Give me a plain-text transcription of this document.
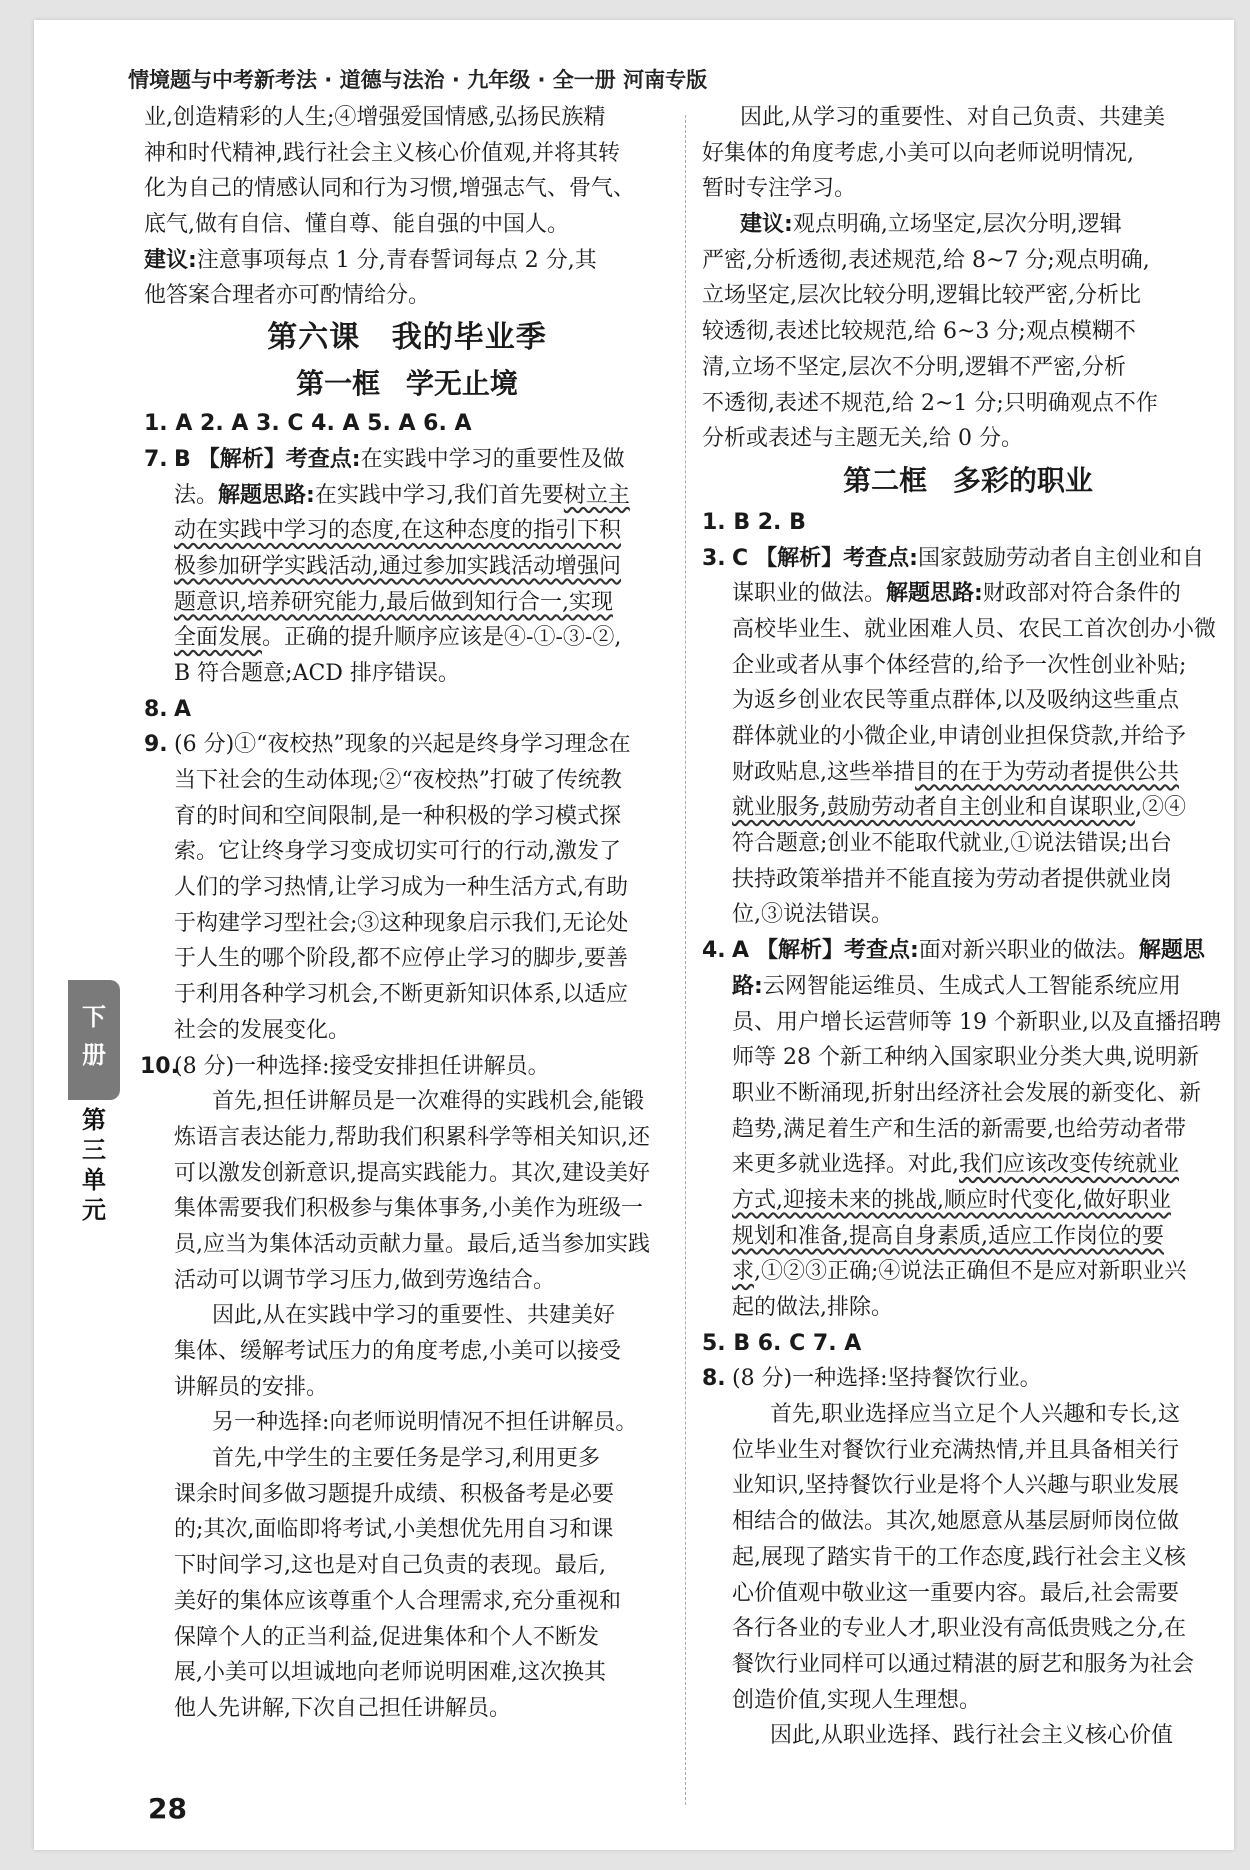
情境题与中考新考法 · 道德与法治 · 九年级 · 全一册 河南专版
业,创造精彩的人生;④增强爱国情感,弘扬民族精
神和时代精神,践行社会主义核心价值观,并将其转
化为自己的情感认同和行为习惯,增强志气、骨气、
底气,做有自信、懂自尊、能自强的中国人。
建议:注意事项每点 1 分,青春誓词每点 2 分,其
他答案合理者亦可酌情给分。
第六课 我的毕业季
第一框 学无止境
1. A 2. A 3. C 4. A 5. A 6. A
7. B 【解析】考查点:在实践中学习的重要性及做
法。解题思路:在实践中学习,我们首先要树立主
动在实践中学习的态度,在这种态度的指引下积
极参加研学实践活动,通过参加实践活动增强问
题意识,培养研究能力,最后做到知行合一,实现
全面发展。正确的提升顺序应该是④-①-③-②,
B 符合题意;ACD 排序错误。
8. A
9. (6 分)①“夜校热”现象的兴起是终身学习理念在
当下社会的生动体现;②“夜校热”打破了传统教
育的时间和空间限制,是一种积极的学习模式探
索。它让终身学习变成切实可行的行动,激发了
人们的学习热情,让学习成为一种生活方式,有助
于构建学习型社会;③这种现象启示我们,无论处
于人生的哪个阶段,都不应停止学习的脚步,要善
于利用各种学习机会,不断更新知识体系,以适应
社会的发展变化。
10.
(8 分)一种选择:接受安排担任讲解员。
首先,担任讲解员是一次难得的实践机会,能锻
炼语言表达能力,帮助我们积累科学等相关知识,还
可以激发创新意识,提高实践能力。其次,建设美好
集体需要我们积极参与集体事务,小美作为班级一
员,应当为集体活动贡献力量。最后,适当参加实践
活动可以调节学习压力,做到劳逸结合。
因此,从在实践中学习的重要性、共建美好
集体、缓解考试压力的角度考虑,小美可以接受
讲解员的安排。
另一种选择:向老师说明情况不担任讲解员。
首先,中学生的主要任务是学习,利用更多
课余时间多做习题提升成绩、积极备考是必要
的;其次,面临即将考试,小美想优先用自习和课
下时间学习,这也是对自己负责的表现。最后,
美好的集体应该尊重个人合理需求,充分重视和
保障个人的正当利益,促进集体和个人不断发
展,小美可以坦诚地向老师说明困难,这次换其
他人先讲解,下次自己担任讲解员。
因此,从学习的重要性、对自己负责、共建美
好集体的角度考虑,小美可以向老师说明情况,
暂时专注学习。
建议:观点明确,立场坚定,层次分明,逻辑
严密,分析透彻,表述规范,给 8~7 分;观点明确,
立场坚定,层次比较分明,逻辑比较严密,分析比
较透彻,表述比较规范,给 6~3 分;观点模糊不
清,立场不坚定,层次不分明,逻辑不严密,分析
不透彻,表述不规范,给 2~1 分;只明确观点不作
分析或表述与主题无关,给 0 分。
第二框 多彩的职业
1. B 2. B
3. C 【解析】考查点:国家鼓励劳动者自主创业和自
谋职业的做法。解题思路:财政部对符合条件的
高校毕业生、就业困难人员、农民工首次创办小微
企业或者从事个体经营的,给予一次性创业补贴;
为返乡创业农民等重点群体,以及吸纳这些重点
群体就业的小微企业,申请创业担保贷款,并给予
财政贴息,这些举措目的在于为劳动者提供公共
就业服务,鼓励劳动者自主创业和自谋职业,②④
符合题意;创业不能取代就业,①说法错误;出台
扶持政策举措并不能直接为劳动者提供就业岗
位,③说法错误。
4. A 【解析】考查点:面对新兴职业的做法。解题思
路:云网智能运维员、生成式人工智能系统应用
员、用户增长运营师等 19 个新职业,以及直播招聘
师等 28 个新工种纳入国家职业分类大典,说明新
职业不断涌现,折射出经济社会发展的新变化、新
趋势,满足着生产和生活的新需要,也给劳动者带
来更多就业选择。对此,我们应该改变传统就业
方式,迎接未来的挑战,顺应时代变化,做好职业
规划和准备,提高自身素质,适应工作岗位的要
求,①②③正确;④说法正确但不是应对新职业兴
起的做法,排除。
5. B 6. C 7. A
8. (8 分)一种选择:坚持餐饮行业。
首先,职业选择应当立足个人兴趣和专长,这
位毕业生对餐饮行业充满热情,并且具备相关行
业知识,坚持餐饮行业是将个人兴趣与职业发展
相结合的做法。其次,她愿意从基层厨师岗位做
起,展现了踏实肯干的工作态度,践行社会主义核
心价值观中敬业这一重要内容。最后,社会需要
各行各业的专业人才,职业没有高低贵贱之分,在
餐饮行业同样可以通过精湛的厨艺和服务为社会
创造价值,实现人生理想。
因此,从职业选择、践行社会主义核心价值
下
册
第
三
单
元
28
